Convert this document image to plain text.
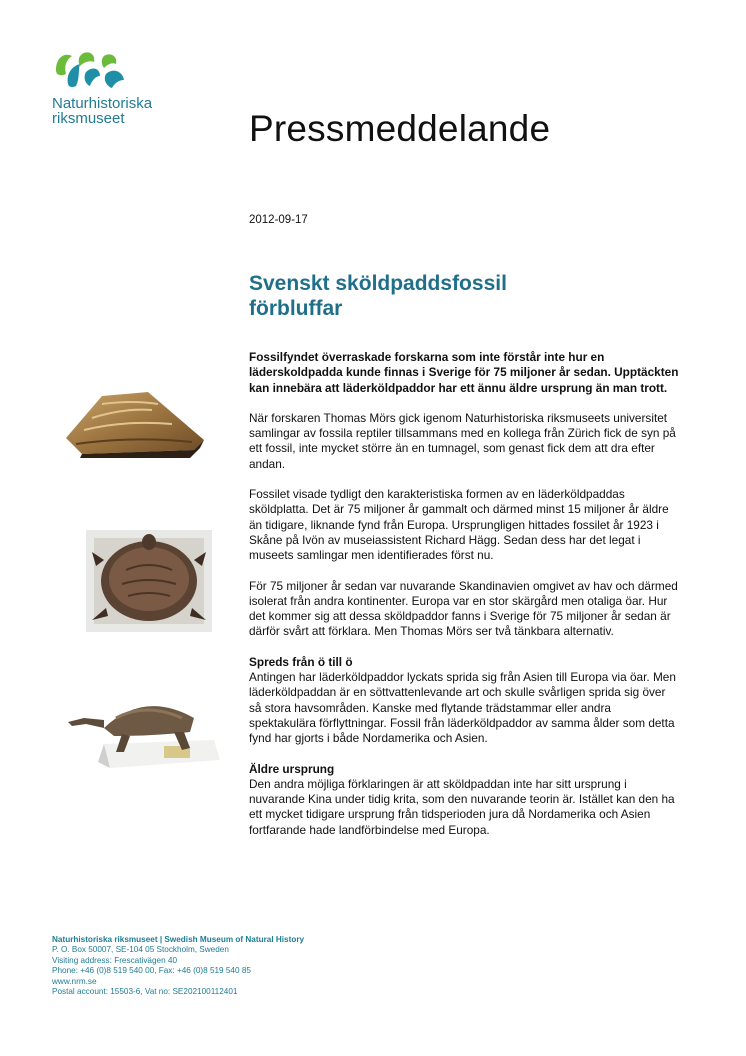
Naturhistoriska
riksmuseet	Pressmeddelande
2012-09-17
Svenskt sköldpaddsfossil
förbluffar

Fossilfyndet överraskade forskarna som inte förstår inte hur en läderskoldpadda kunde finnas i Sverige för 75 miljoner år sedan. Upptäckten kan innebära att läderköldpaddor har ett ännu äldre ursprung än man trott.

När forskaren Thomas Mörs gick igenom Naturhistoriska riksmuseets universitet samlingar av fossila reptiler tillsammans med en kollega från Zürich fick de syn på ett fossil, inte mycket större än en tumnagel, som genast fick dem att dra efter andan.

Fossilet visade tydligt den karakteristiska formen av en läderköldpaddas sköldplatta. Det är 75 miljoner år gammalt och därmed minst 15 miljoner år äldre än tidigare, liknande fynd från Europa. Ursprungligen hittades fossilet år 1923 i Skåne på Ivön av museiassistent Richard Hägg. Sedan dess har det legat i museets samlingar men identifierades först nu.

För 75 miljoner år sedan var nuvarande Skandinavien omgivet av hav och därmed isolerat från andra kontinenter. Europa var en stor skärgård men otaliga öar. Hur det kommer sig att dessa sköldpaddor fanns i Sverige för 75 miljoner år sedan är därför svårt att förklara. Men Thomas Mörs ser två tänkbara alternativ.

Spreds från ö till ö

Antingen har läderköldpaddor lyckats sprida sig från Asien till Europa via öar. Men läderköldpaddan är en söttvattenlevande art och skulle svårligen sprida sig över så stora havsområden. Kanske med flytande trädstammar eller andra spektakulära förflyttningar. Fossil från läderköldpaddor av samma ålder som detta fynd har gjorts i både Nordamerika och Asien.

Äldre ursprung

Den andra möjliga förklaringen är att sköldpaddan inte har sitt ursprung i nuvarande Kina under tidig krita, som den nuvarande teorin är. Istället kan den ha ett mycket tidigare ursprung från tidsperioden jura då Nordamerika och Asien fortfarande hade landförbindelse med Europa.

Naturhistoriska riksmuseet | Swedish Museum of Natural History
P. O. Box 50007, SE-104 05 Stockholm, Sweden
Visiting address: Frescativägen 40
Phone: +46 (0)8 519 540 00, Fax: +46 (0)8 519 540 85
www.nrm.se
Postal account: 15503-6, Vat no: SE202100112401
